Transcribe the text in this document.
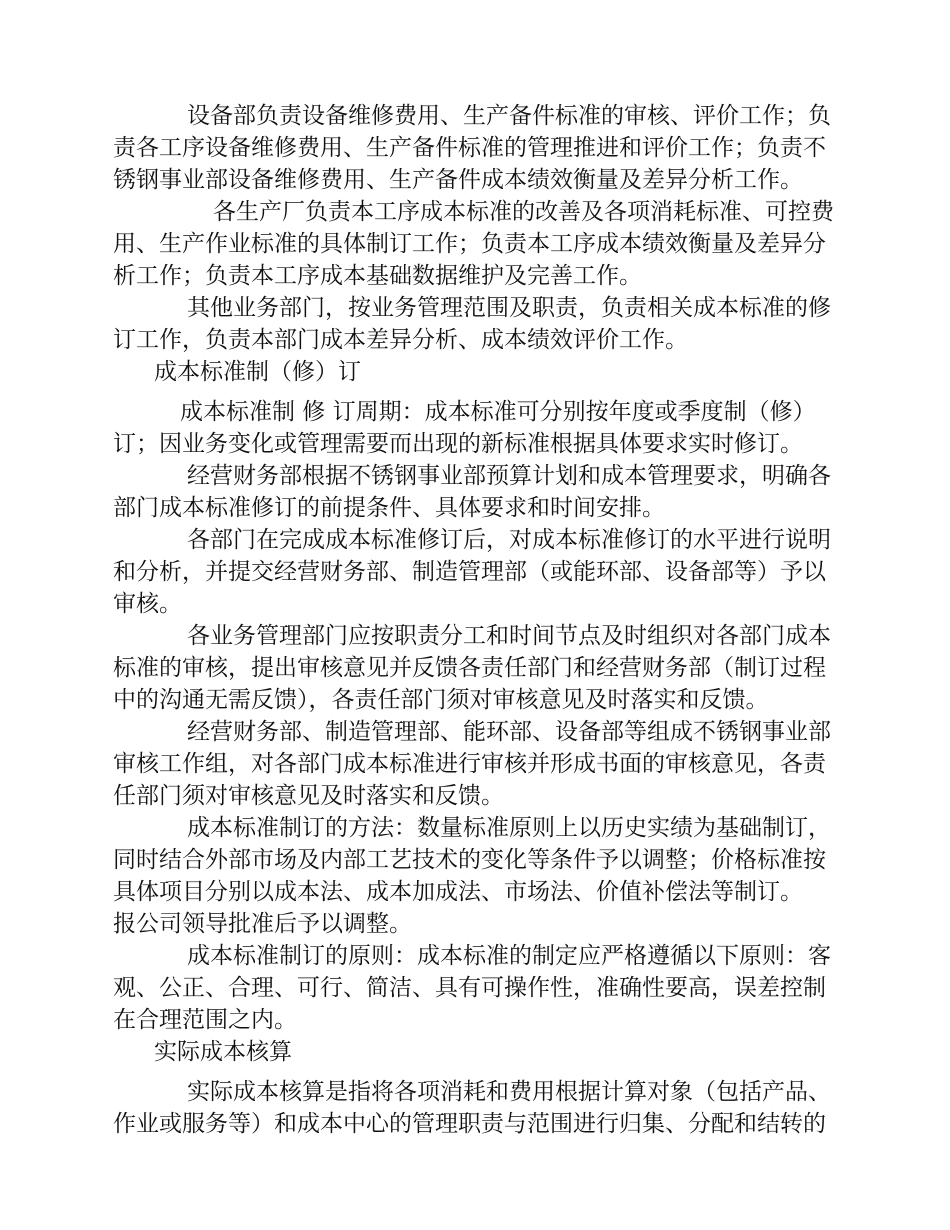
设备部负责设备维修费用、生产备件标准的审核、评价工作；负
责各工序设备维修费用、生产备件标准的管理推进和评价工作；负责不
锈钢事业部设备维修费用、生产备件成本绩效衡量及差异分析工作。
各生产厂负责本工序成本标准的改善及各项消耗标准、可控费
用、生产作业标准的具体制订工作；负责本工序成本绩效衡量及差异分
析工作；负责本工序成本基础数据维护及完善工作。
其他业务部门，按业务管理范围及职责，负责相关成本标准的修
订工作，负责本部门成本差异分析、成本绩效评价工作。
成本标准制（修）订
成本标准制 修 订周期：成本标准可分别按年度或季度制（修）
订；因业务变化或管理需要而出现的新标准根据具体要求实时修订。
经营财务部根据不锈钢事业部预算计划和成本管理要求，明确各
部门成本标准修订的前提条件、具体要求和时间安排。
各部门在完成成本标准修订后，对成本标准修订的水平进行说明
和分析，并提交经营财务部、制造管理部（或能环部、设备部等）予以
审核。
各业务管理部门应按职责分工和时间节点及时组织对各部门成本
标准的审核，提出审核意见并反馈各责任部门和经营财务部（制订过程
中的沟通无需反馈），各责任部门须对审核意见及时落实和反馈。
经营财务部、制造管理部、能环部、设备部等组成不锈钢事业部
审核工作组，对各部门成本标准进行审核并形成书面的审核意见，各责
任部门须对审核意见及时落实和反馈。
成本标准制订的方法：数量标准原则上以历史实绩为基础制订，
同时结合外部市场及内部工艺技术的变化等条件予以调整；价格标准按
具体项目分别以成本法、成本加成法、市场法、价值补偿法等制订。
报公司领导批准后予以调整。
成本标准制订的原则：成本标准的制定应严格遵循以下原则：客
观、公正、合理、可行、简洁、具有可操作性，准确性要高，误差控制
在合理范围之内。
实际成本核算
实际成本核算是指将各项消耗和费用根据计算对象（包括产品、
作业或服务等）和成本中心的管理职责与范围进行归集、分配和结转的
